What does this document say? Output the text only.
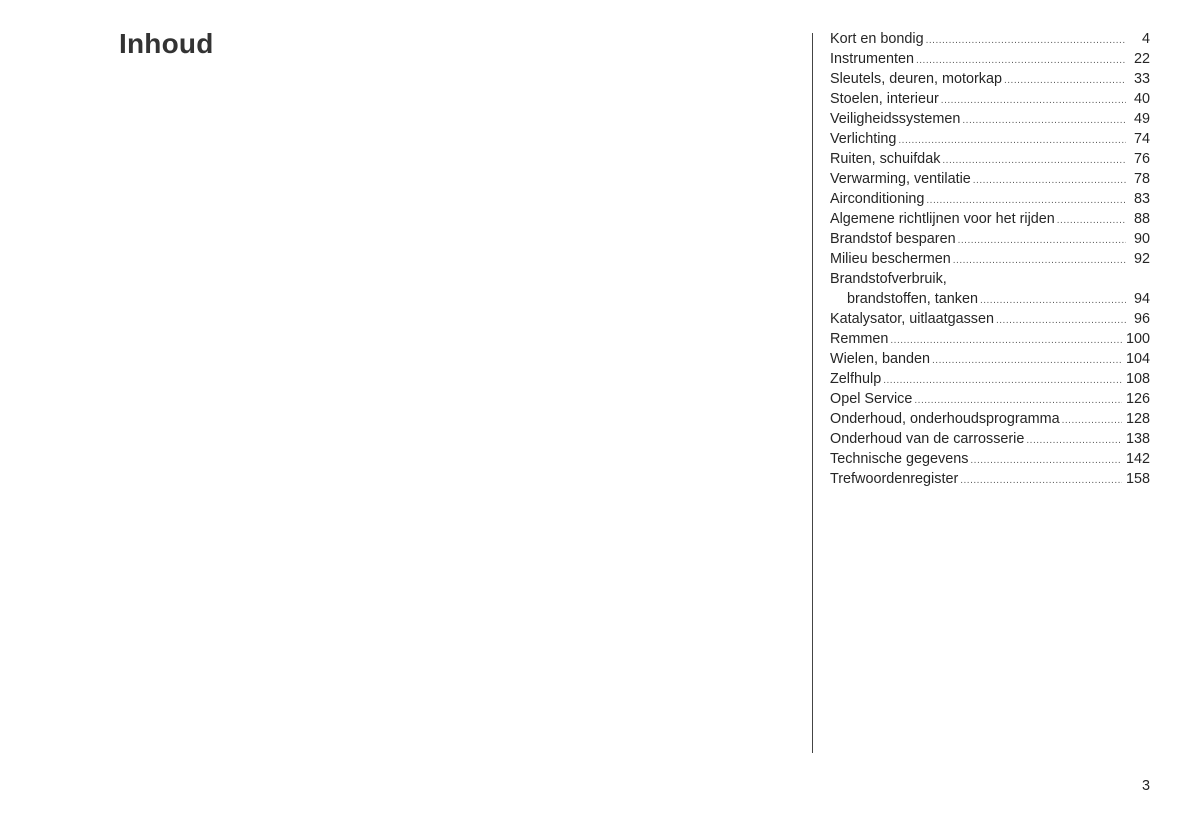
Inhoud	Kort en bondig .....	4
Instrumenten .....	22
Sleutels, deuren, motorkap .....	33
Stoelen, interieur .....	40
Veiligheidssystemen .....	49
Verlichting .....	74
Ruiten, schuifdak .....	76
Verwarming, ventilatie .....	78
Airconditioning .....	83
Algemene richtlijnen voor het rijden .....	88
Brandstof besparen .....	90
Milieu beschermen .....	92
Brandstofverbruik,
brandstoffen, tanken .....	94
Katalysator, uitlaatgassen .....	96
Remmen .....	100
Wielen, banden .....	104
Zelfhulp .....	108
Opel Service .....	126
Onderhoud, onderhoudsprogramma .....	128
Onderhoud van de carrosserie .....	138
Technische gegevens .....	142
Trefwoordenregister .....	158
3
